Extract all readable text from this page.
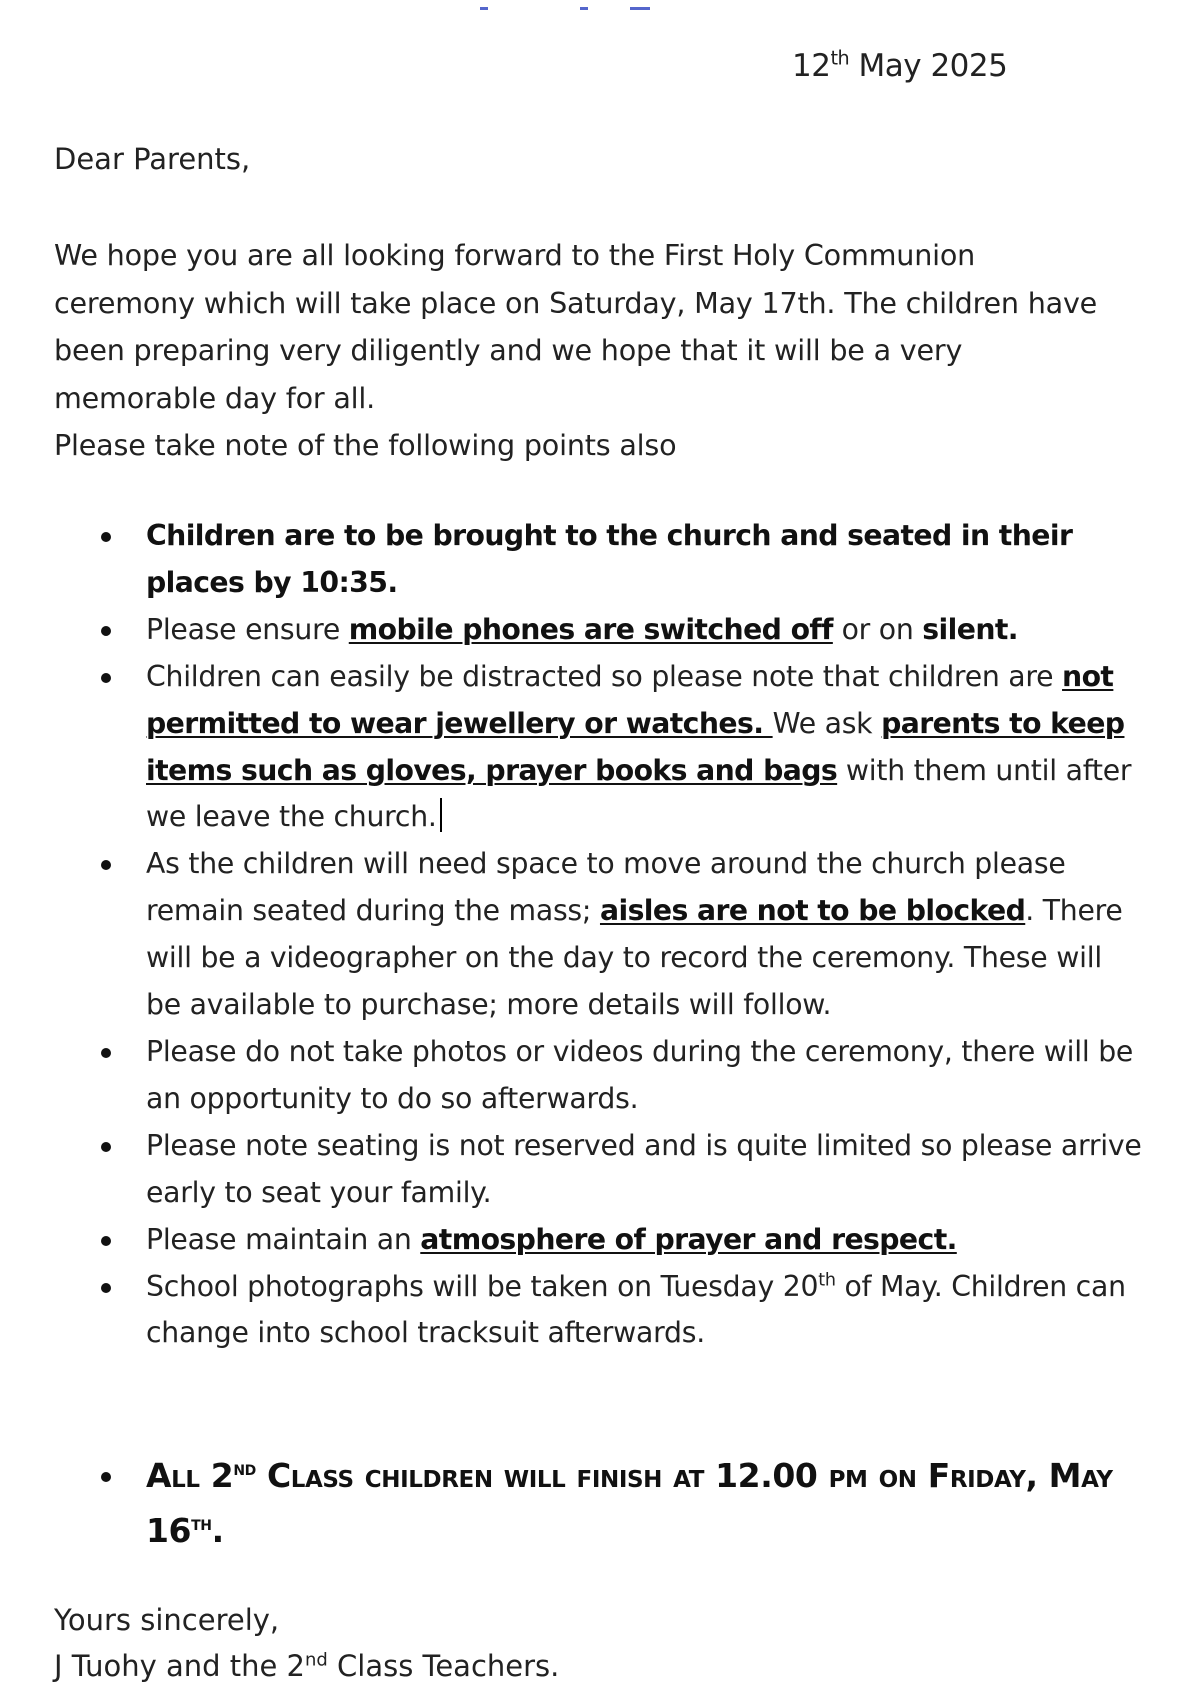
12th May 2025
Dear Parents,

We hope you are all looking forward to the First Holy Communion ceremony which will take place on Saturday, May 17th. The children have been preparing very diligently and we hope that it will be a very memorable day for all.

Please take note of the following points also

Children are to be brought to the church and seated in their places by 10:35.
Please ensure mobile phones are switched off or on silent.
Children can easily be distracted so please note that children are not permitted to wear jewellery or watches. We ask parents to keep items such as gloves, prayer books and bags with them until after we leave the church.
As the children will need space to move around the church please remain seated during the mass; aisles are not to be blocked. There will be a videographer on the day to record the ceremony. These will be available to purchase; more details will follow.
Please do not take photos or videos during the ceremony, there will be an opportunity to do so afterwards.
Please note seating is not reserved and is quite limited so please arrive early to seat your family.
Please maintain an atmosphere of prayer and respect.
School photographs will be taken on Tuesday 20th of May. Children can change into school tracksuit afterwards.
All 2nd Class children will finish at 12.00 pm on Friday, May 16th.
Yours sincerely,
J Tuohy and the 2nd Class Teachers.
